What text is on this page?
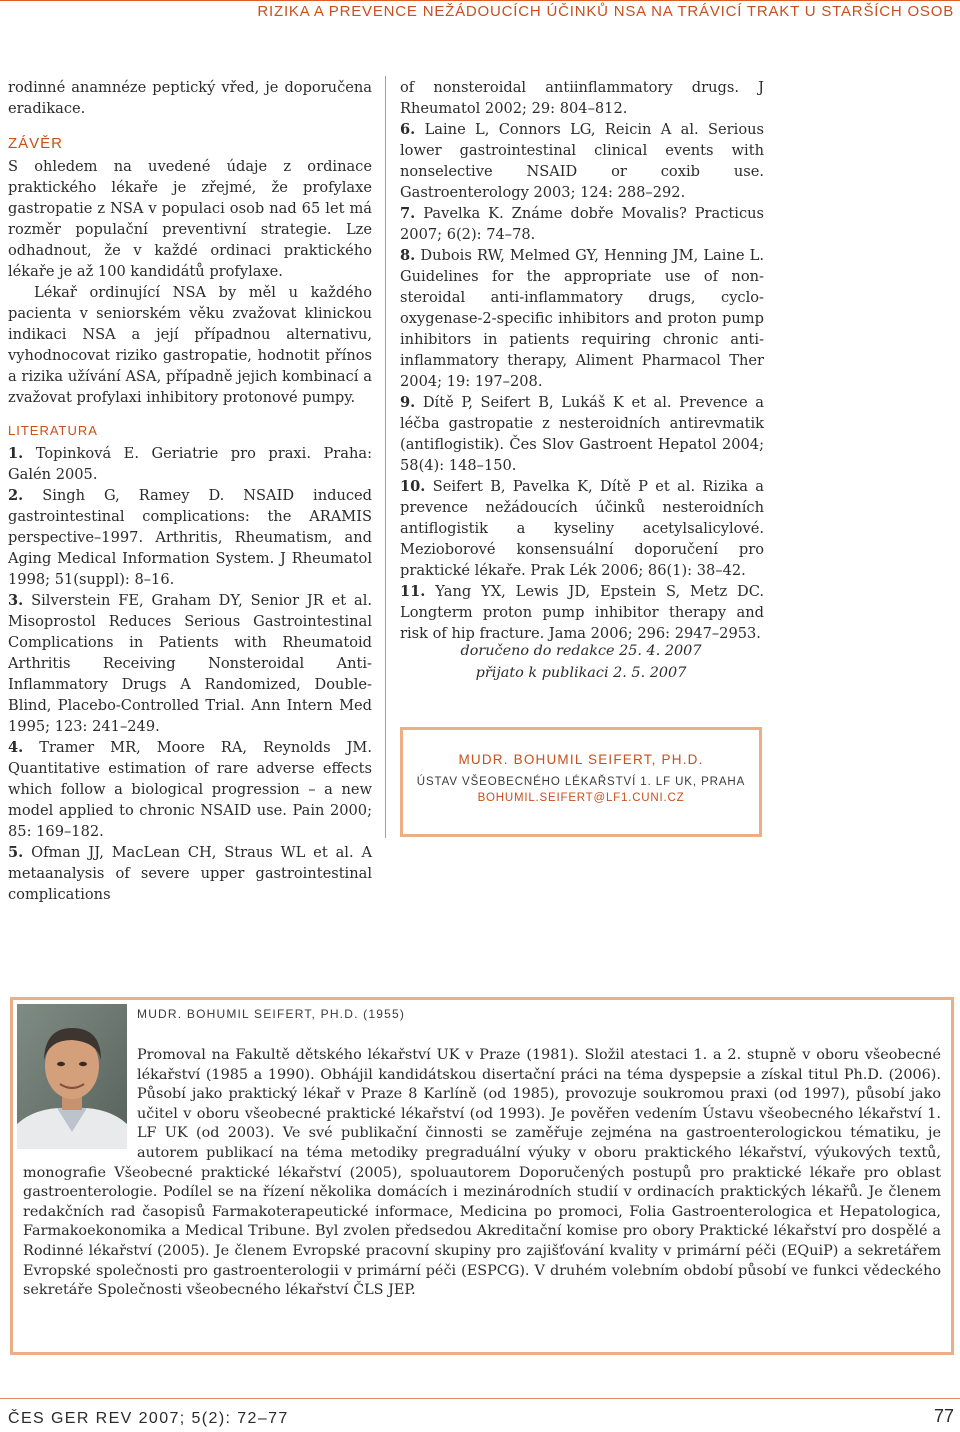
RIZIKA A PREVENCE NEŽÁDOUCÍCH ÚČINKŮ NSA NA TRÁVICÍ TRAKT U STARŠÍCH OSOB

rodinné anamnéze peptický vřed, je doporučena eradikace.

ZÁVĚR

S ohledem na uvedené údaje z ordinace praktického lékaře je zřejmé, že profylaxe gastropatie z NSA v populaci osob nad 65 let má rozměr populační preventivní strategie. Lze odhadnout, že v každé ordinaci praktického lékaře je až 100 kandidátů profylaxe.

Lékař ordinující NSA by měl u každého pacienta v seniorském věku zvažovat klinickou indikaci NSA a její případnou alternativu, vyhodnocovat riziko gastropatie, hodnotit přínos a rizika užívání ASA, případně jejich kombinací a zvažovat profylaxi inhibitory protonové pumpy.

LITERATURA

1. Topinková E. Geriatrie pro praxi. Praha: Galén 2005.

2. Singh G, Ramey D. NSAID induced gastrointestinal complications: the ARAMIS perspective–1997. Arthritis, Rheumatism, and Aging Medical Information System. J Rheumatol 1998; 51(suppl): 8–16.

3. Silverstein FE, Graham DY, Senior JR et al. Misoprostol Reduces Serious Gastrointestinal Complications in Patients with Rheumatoid Arthritis Receiving Nonsteroidal Anti-Inflammatory Drugs A Randomized, Double-Blind, Placebo-Controlled Trial. Ann Intern Med 1995; 123: 241–249.

4. Tramer MR, Moore RA, Reynolds JM. Quantitative estimation of rare adverse effects which follow a biological progression – a new model applied to chronic NSAID use. Pain 2000; 85: 169–182.

5. Ofman JJ, MacLean CH, Straus WL et al. A metaanalysis of severe upper gastrointestinal complications

of nonsteroidal antiinflammatory drugs. J Rheumatol 2002; 29: 804–812.

6. Laine L, Connors LG, Reicin A al. Serious lower gastrointestinal clinical events with nonselective NSAID or coxib use. Gastroenterology 2003; 124: 288–292.

7. Pavelka K. Známe dobře Movalis? Practicus 2007; 6(2): 74–78.

8. Dubois RW, Melmed GY, Henning JM, Laine L. Guidelines for the appropriate use of non-steroidal anti-inflammatory drugs, cyclo-oxygenase-2-specific inhibitors and proton pump inhibitors in patients requiring chronic anti-inflammatory therapy, Aliment Pharmacol Ther 2004; 19: 197–208.

9. Dítě P, Seifert B, Lukáš K et al. Prevence a léčba gastropatie z nesteroidních antirevmatik (antiflogistik). Čes Slov Gastroent Hepatol 2004; 58(4): 148–150.

10. Seifert B, Pavelka K, Dítě P et al. Rizika a prevence nežádoucích účinků nesteroidních antiflogistik a kyseliny acetylsalicylové. Mezioborové konsensuální doporučení pro praktické lékaře. Prak Lék 2006; 86(1): 38–42.

11. Yang YX, Lewis JD, Epstein S, Metz DC. Longterm proton pump inhibitor therapy and risk of hip fracture. Jama 2006; 296: 2947–2953.

doručeno do redakce 25. 4. 2007
přijato k publikaci 2. 5. 2007
MUDR. BOHUMIL SEIFERT, PH.D.
ÚSTAV VŠEOBECNÉHO LÉKAŘSTVÍ 1. LF UK, PRAHA
BOHUMIL.SEIFERT@LF1.CUNI.CZ
MUDR. BOHUMIL SEIFERT, PH.D. (1955)
Promoval na Fakultě dětského lékařství UK v Praze (1981). Složil atestaci 1. a 2. stupně v oboru všeobecné lékařství (1985 a 1990). Obhájil kandidátskou disertační práci na téma dyspepsie a získal titul Ph.D. (2006). Působí jako praktický lékař v Praze 8 Karlíně (od 1985), provozuje soukromou praxi (od 1997), působí jako učitel v oboru všeobecné praktické lékařství (od 1993). Je pověřen vedením Ústavu všeobecného lékařství 1. LF UK (od 2003). Ve své publikační činnosti se zaměřuje zejména na gastroenterologickou tématiku, je autorem publikací na téma metodiky pregraduální výuky v oboru praktického lékařství, výukových textů, monografie Všeobecné praktické lékařství (2005), spoluautorem Doporučených postupů pro praktické lékaře pro oblast gastroenterologie. Podílel se na řízení několika domácích i mezinárodních studií v ordinacích praktických lékařů. Je členem redakčních rad časopisů Farmakoterapeutické informace, Medicina po promoci, Folia Gastroenterologica et Hepatologica, Farmakoekonomika a Medical Tribune. Byl zvolen předsedou Akreditační komise pro obory Praktické lékařství pro dospělé a Rodinné lékařství (2005). Je členem Evropské pracovní skupiny pro zajišťování kvality v primární péči (EQuiP) a sekretářem Evropské společnosti pro gastroenterologii v primární péči (ESPCG). V druhém volebním období působí ve funkci vědeckého sekretáře Společnosti všeobecného lékařství ČLS JEP.
ČES GER REV 2007; 5(2): 72–77	77
